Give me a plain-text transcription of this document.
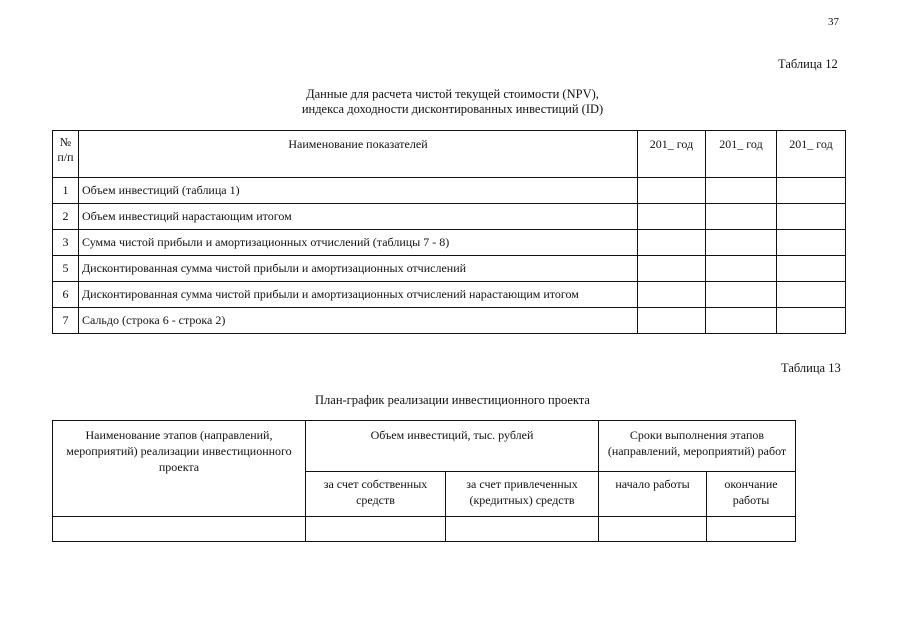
37
Таблица 12
Данные для расчета чистой текущей стоимости (NPV),
индекса доходности дисконтированных инвестиций (ID)
№ п/п	Наименование показателей	201_ год	201_ год	201_ год
1	Объем инвестиций (таблица 1)			
2	Объем инвестиций нарастающим итогом			
3	Сумма чистой прибыли и амортизационных отчислений (таблицы 7 - 8)			
5	Дисконтированная сумма чистой прибыли и амортизационных отчислений			
6	Дисконтированная сумма чистой прибыли и амортизационных отчислений нарастающим итогом			
7	Сальдо (строка 6 - строка 2)			
Таблица 13
План-график реализации инвестиционного проекта
Наименование этапов (направлений, мероприятий) реализации инвестиционного проекта	Объем инвестиций, тыс. рублей		Сроки выполнения этапов (направлений, мероприятий) работ	
	за счет собственных средств	за счет привлеченных (кредитных) средств	начало работы	окончание работы
